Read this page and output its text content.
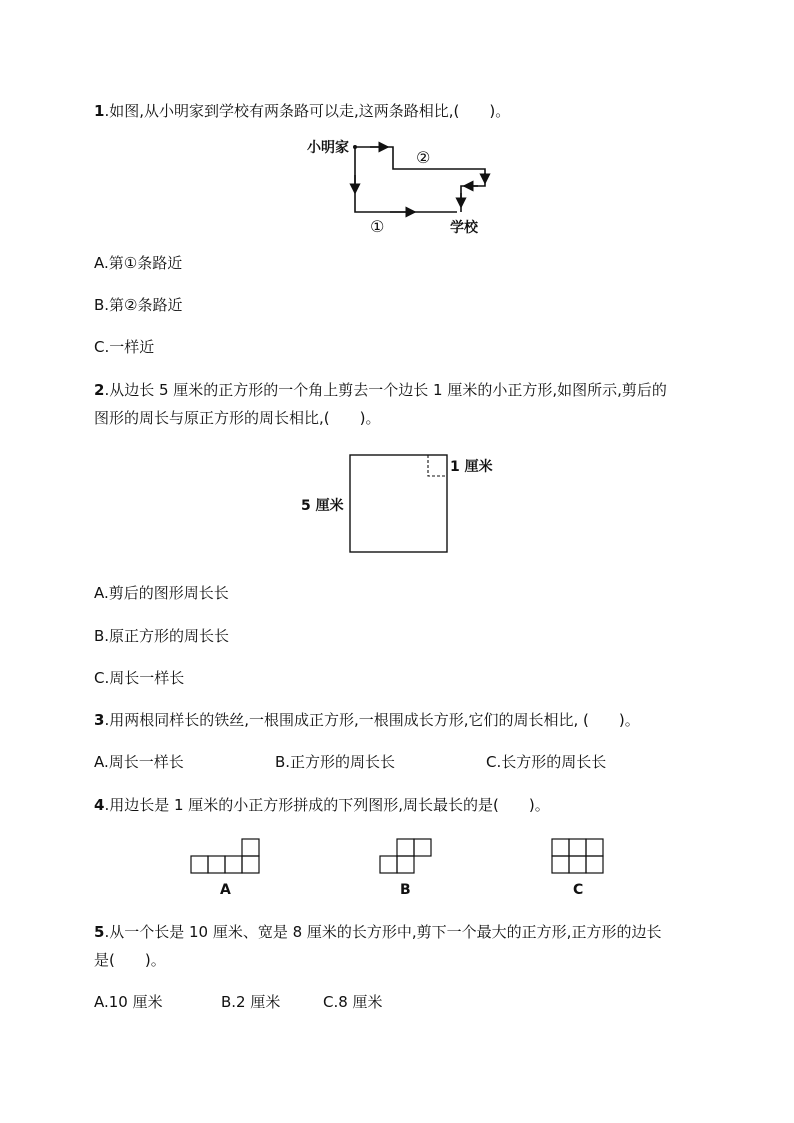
1.如图,从小明家到学校有两条路可以走,这两条路相比,(　　)。
小明家	②
①	学校
A.第①条路近
B.第②条路近
C.一样近
2.从边长 5 厘米的正方形的一个角上剪去一个边长 1 厘米的小正方形,如图所示,剪后的
图形的周长与原正方形的周长相比,(　　)。
1 厘米
5 厘米
A.剪后的图形周长长
B.原正方形的周长长
C.周长一样长
3.用两根同样长的铁丝,一根围成正方形,一根围成长方形,它们的周长相比, (　　)。
A.周长一样长	B.正方形的周长长	C.长方形的周长长
4.用边长是 1 厘米的小正方形拼成的下列图形,周长最长的是(　　)。
A	B	C
5.从一个长是 10 厘米、宽是 8 厘米的长方形中,剪下一个最大的正方形,正方形的边长
是(　　)。
A.10 厘米	B.2 厘米	C.8 厘米
